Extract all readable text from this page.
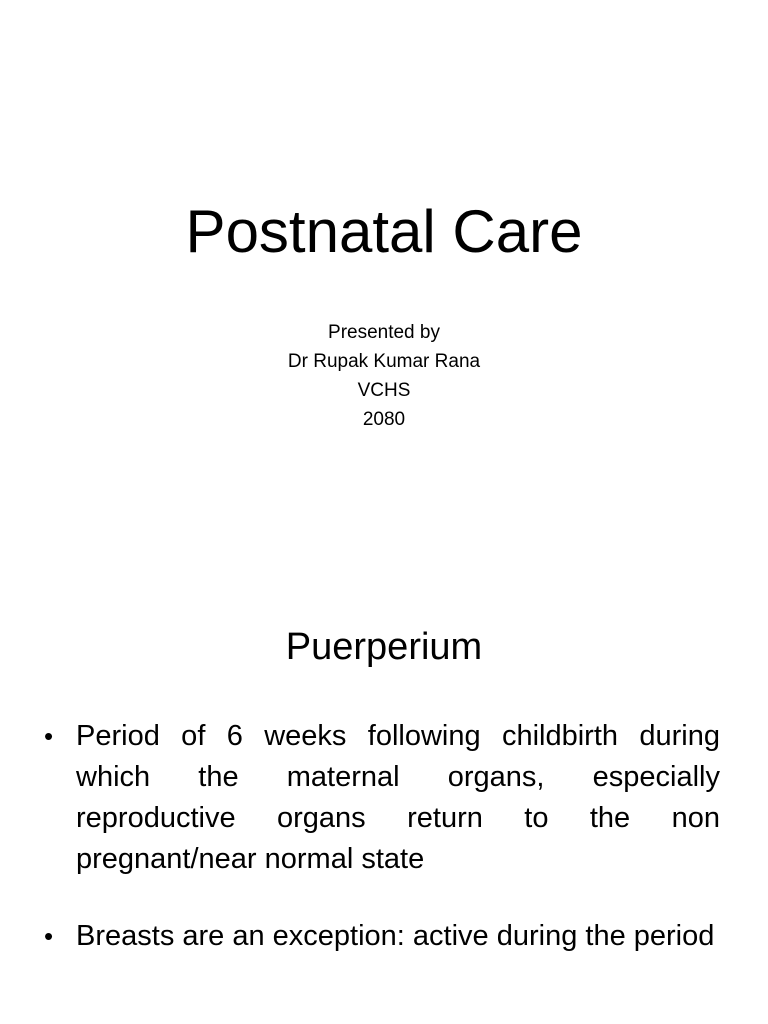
Postnatal Care
Presented by
Dr Rupak Kumar Rana
VCHS
2080
Puerperium
• Period of 6 weeks following childbirth during which the maternal organs, especially reproductive organs return to the non pregnant/near normal state
• Breasts are an exception: active during the period
